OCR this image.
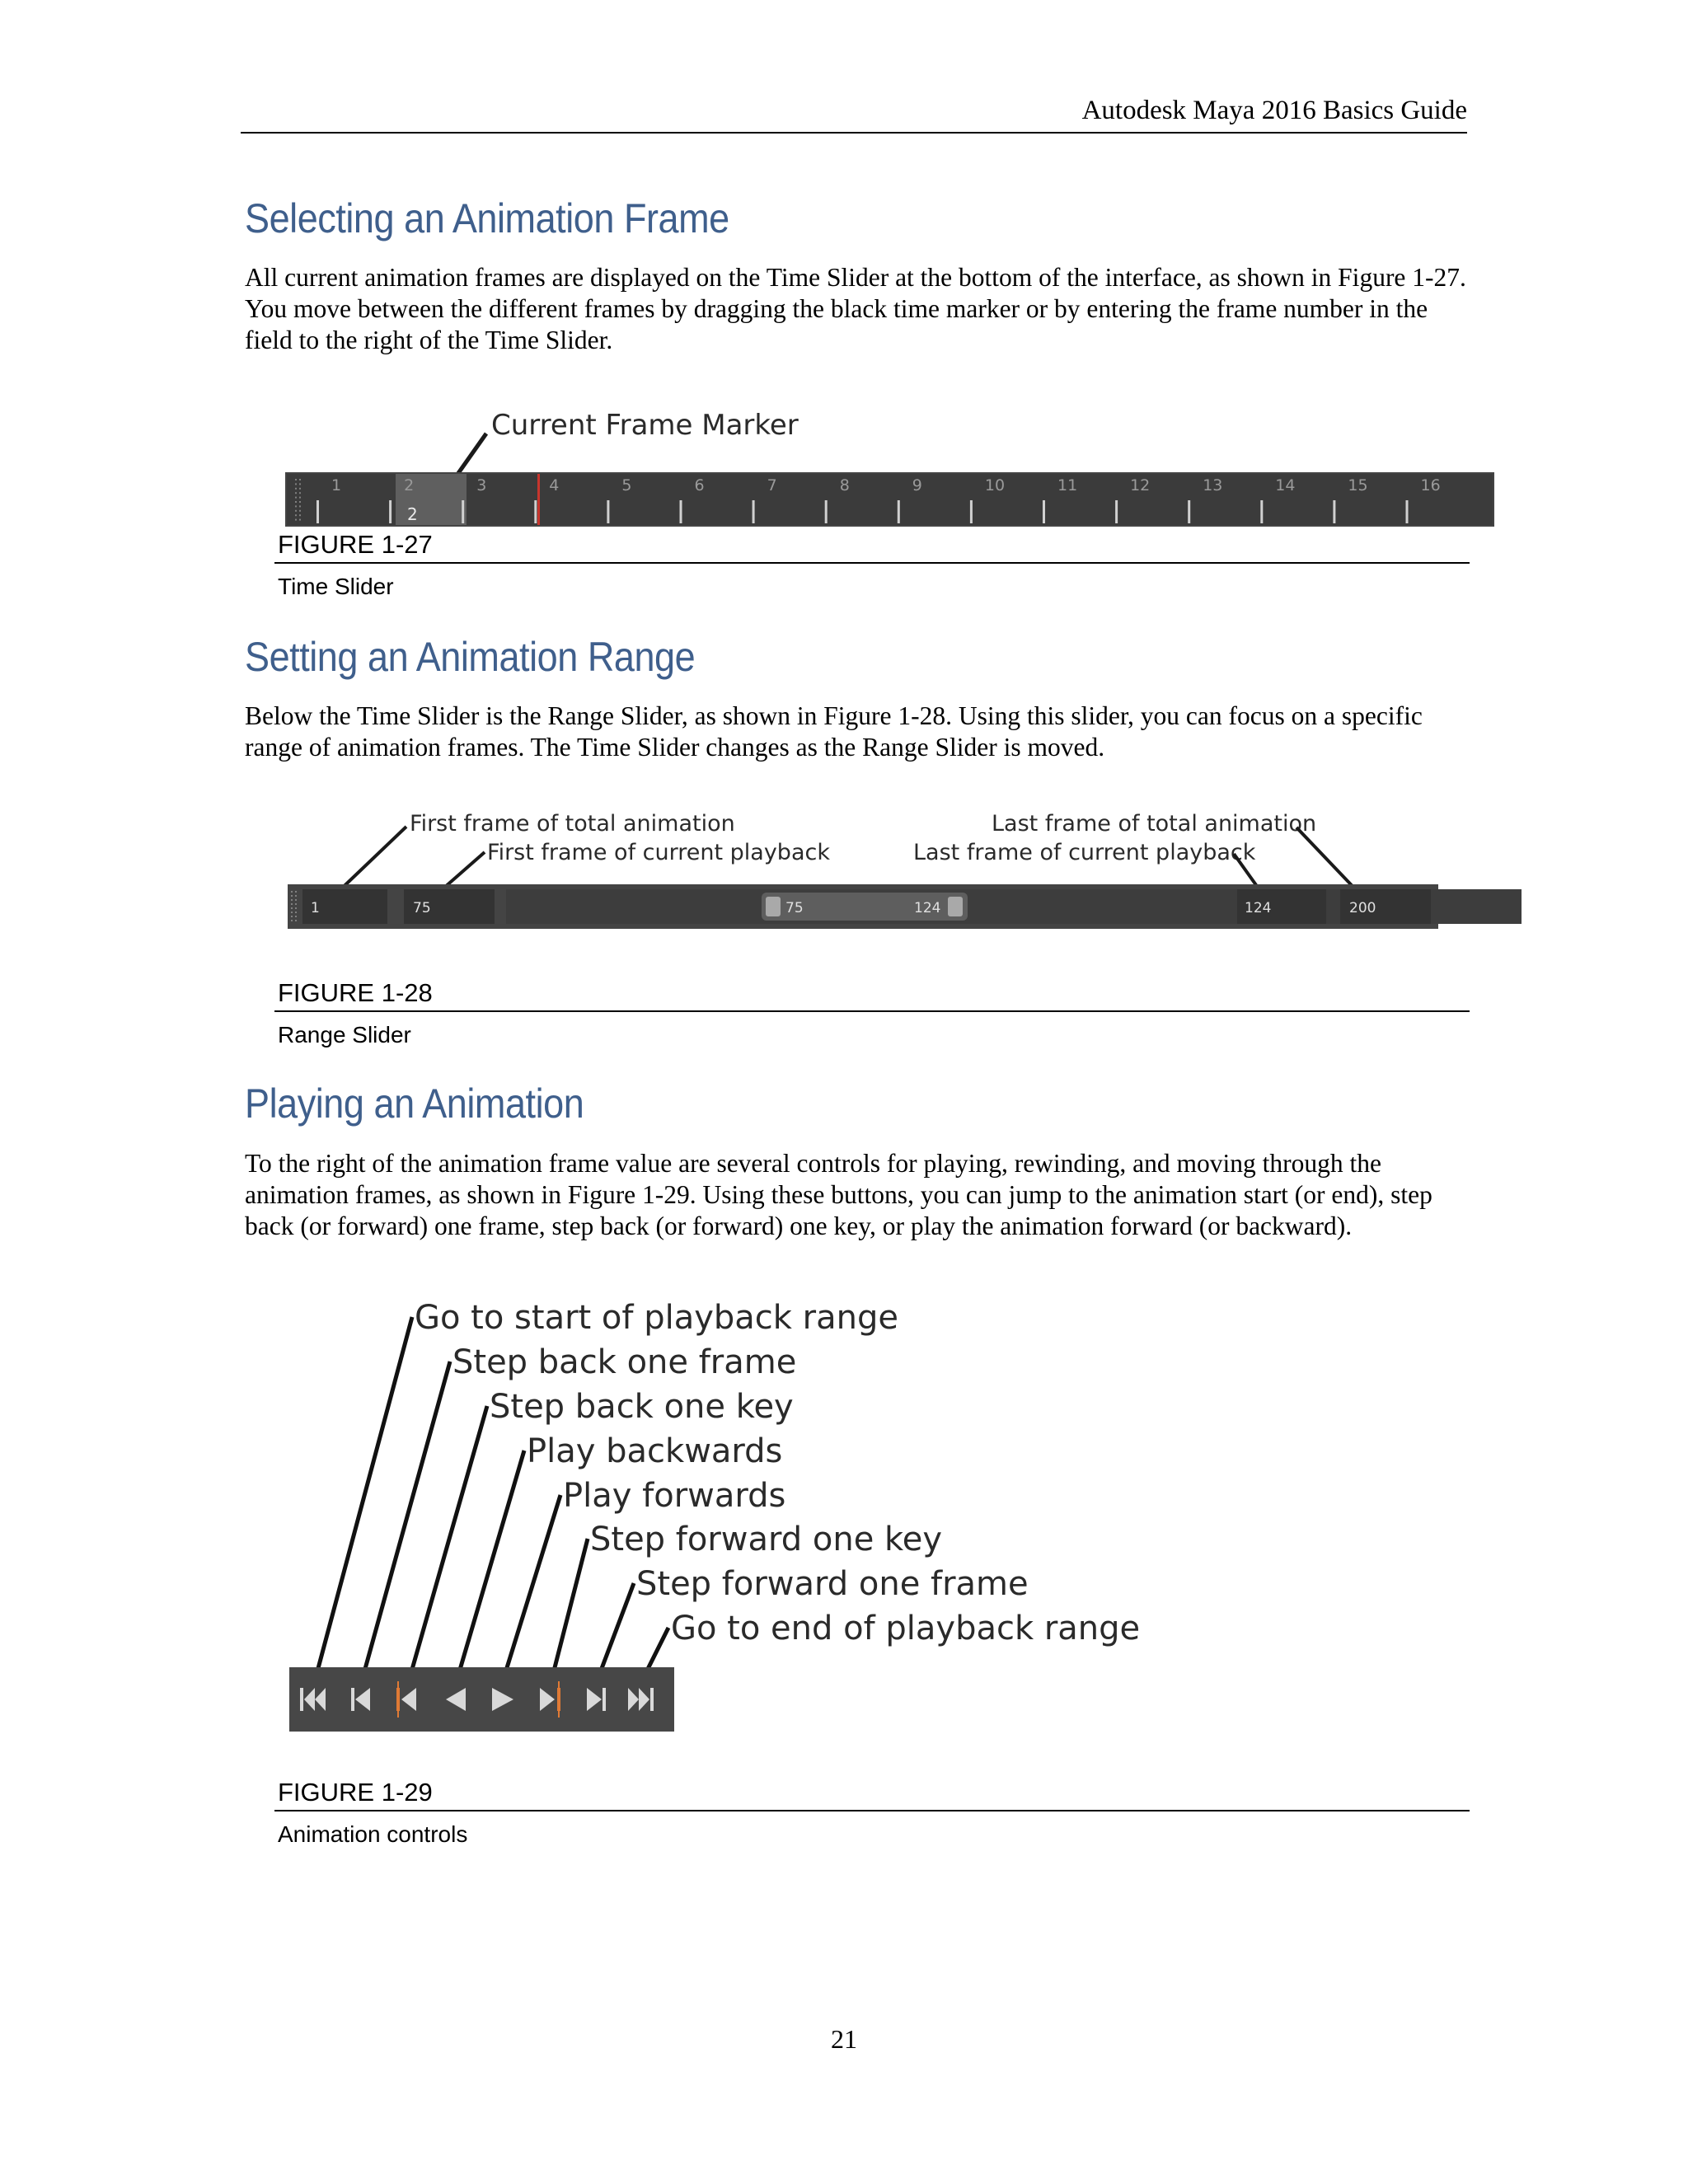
Autodesk Maya 2016 Basics Guide
Selecting an Animation Frame
All current animation frames are displayed on the Time Slider at the bottom of the interface, as shown in Figure 1-27. You move between the different frames by dragging the black time marker or by entering the frame number in the field to the right of the Time Slider.
Current Frame Marker
1	2	3	4	5	6	7	8	9	10	11	12	13	14	15	16
2
FIGURE 1-27
Time Slider
Setting an Animation Range
Below the Time Slider is the Range Slider, as shown in Figure 1-28. Using this slider, you can focus on a specific range of animation frames. The Time Slider changes as the Range Slider is moved.
First frame of total animation
First frame of current playback
Last frame of total animation
Last frame of current playback
1	75	75	124	124	200
FIGURE 1-28
Range Slider
Playing an Animation
To the right of the animation frame value are several controls for playing, rewinding, and moving through the animation frames, as shown in Figure 1-29. Using these buttons, you can jump to the animation start (or end), step back (or forward) one frame, step back (or forward) one key, or play the animation forward (or backward).
Go to start of playback range
Step back one frame
Step back one key
Play backwards
Play forwards
Step forward one key
Step forward one frame
Go to end of playback range
FIGURE 1-29
Animation controls
21
